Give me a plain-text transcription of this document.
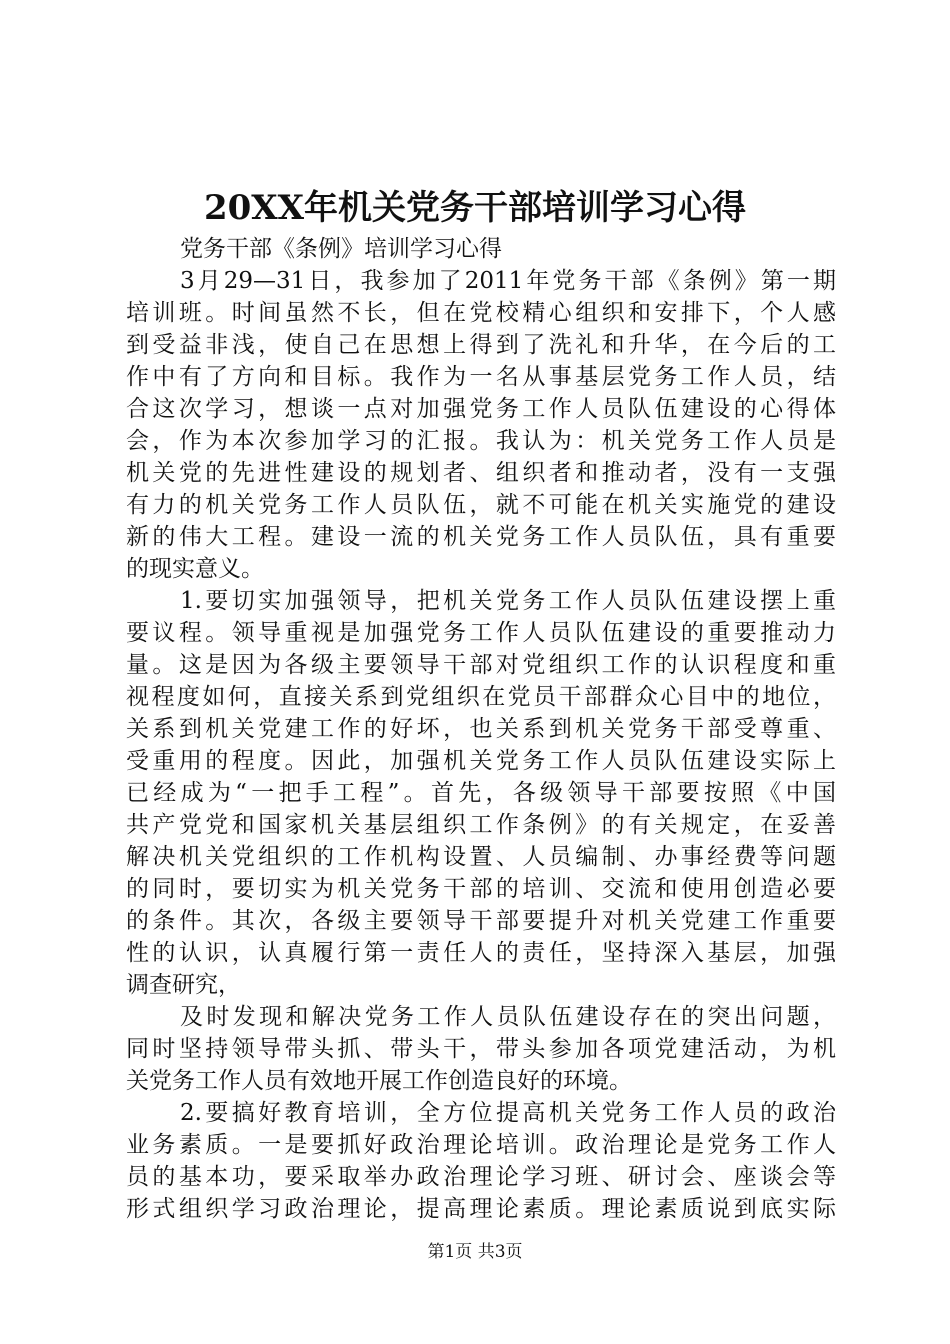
20XX年机关党务干部培训学习心得
党务干部《条例》培训学习心得
3月29—31日，我参加了2011年党务干部《条例》第一期
培训班。时间虽然不长，但在党校精心组织和安排下，个人感
到受益非浅，使自己在思想上得到了洗礼和升华，在今后的工
作中有了方向和目标。我作为一名从事基层党务工作人员，结
合这次学习，想谈一点对加强党务工作人员队伍建设的心得体
会，作为本次参加学习的汇报。我认为：机关党务工作人员是
机关党的先进性建设的规划者、组织者和推动者，没有一支强
有力的机关党务工作人员队伍，就不可能在机关实施党的建设
新的伟大工程。建设一流的机关党务工作人员队伍，具有重要
的现实意义。
1.要切实加强领导，把机关党务工作人员队伍建设摆上重
要议程。领导重视是加强党务工作人员队伍建设的重要推动力
量。这是因为各级主要领导干部对党组织工作的认识程度和重
视程度如何，直接关系到党组织在党员干部群众心目中的地位，
关系到机关党建工作的好坏，也关系到机关党务干部受尊重、
受重用的程度。因此，加强机关党务工作人员队伍建设实际上
已经成为“一把手工程”。首先，各级领导干部要按照《中国
共产党党和国家机关基层组织工作条例》的有关规定，在妥善
解决机关党组织的工作机构设置、人员编制、办事经费等问题
的同时，要切实为机关党务干部的培训、交流和使用创造必要
的条件。其次，各级主要领导干部要提升对机关党建工作重要
性的认识，认真履行第一责任人的责任，坚持深入基层，加强
调查研究，
及时发现和解决党务工作人员队伍建设存在的突出问题，
同时坚持领导带头抓、带头干，带头参加各项党建活动，为机
关党务工作人员有效地开展工作创造良好的环境。
2.要搞好教育培训，全方位提高机关党务工作人员的政治
业务素质。一是要抓好政治理论培训。政治理论是党务工作人
员的基本功，要采取举办政治理论学习班、研讨会、座谈会等
形式组织学习政治理论，提高理论素质。理论素质说到底实际
第1页 共3页
